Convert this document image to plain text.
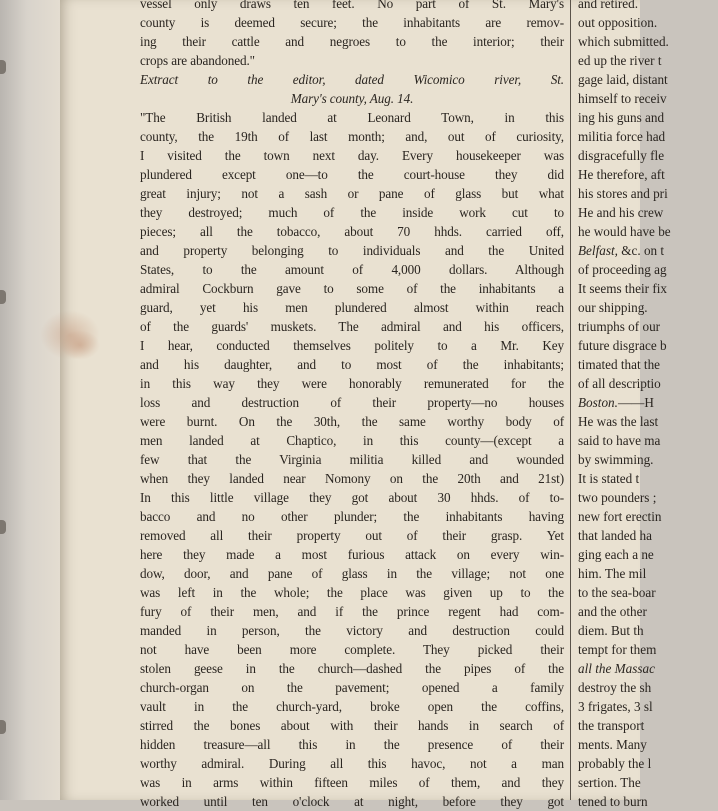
vessel only draws ten feet. No part of St. Mary's
county is deemed secure; the inhabitants are remov-
ing their cattle and negroes to the interior; their
crops are abandoned."
Extract to the editor, dated Wicomico river, St.
Mary's county, Aug. 14.
"The British landed at Leonard Town, in this
county, the 19th of last month; and, out of curiosity,
I visited the town next day. Every housekeeper was
plundered except one—to the court-house they did
great injury; not a sash or pane of glass but what
they destroyed; much of the inside work cut to
pieces; all the tobacco, about 70 hhds. carried off,
and property belonging to individuals and the United
States, to the amount of 4,000 dollars. Although
admiral Cockburn gave to some of the inhabitants a
guard, yet his men plundered almost within reach
of the guards' muskets. The admiral and his officers,
I hear, conducted themselves politely to a Mr. Key
and his daughter, and to most of the inhabitants;
in this way they were honorably remunerated for the
loss and destruction of their property—no houses
were burnt. On the 30th, the same worthy body of
men landed at Chaptico, in this county—(except a
few that the Virginia militia killed and wounded
when they landed near Nomony on the 20th and 21st)
In this little village they got about 30 hhds. of to-
bacco and no other plunder; the inhabitants having
removed all their property out of their grasp. Yet
here they made a most furious attack on every win-
dow, door, and pane of glass in the village; not one
was left in the whole; the place was given up to the
fury of their men, and if the prince regent had com-
manded in person, the victory and destruction could
not have been more complete. They picked their
stolen geese in the church—dashed the pipes of the
church-organ on the pavement; opened a family
vault in the church-yard, broke open the coffins,
stirred the bones about with their hands in search of
hidden treasure—all this in the presence of their
worthy admiral. During all this havoc, not a man
was in arms within fifteen miles of them, and they
worked until ten o'clock at night, before they got
and retired.
out opposition.
which submitted.
ed up the river t
gage laid, distant
himself to receiv
ing his guns and
militia force had
disgracefully fle
He therefore, aft
his stores and pri
He and his crew
he would have be
Belfast, &c. on t
of proceeding ag
It seems their fix
our shipping.
triumphs of our
future disgrace b
timated that the
of all descriptio
Boston.——H
He was the last
said to have ma
by swimming.
It is stated t
two pounders ;
new fort erectin
that landed ha
ging each a ne
him. The mil
to the sea-boar
and the other
diem. But th
tempt for them
all the Massac
destroy the sh
3 frigates, 3 sl
the transport
ments. Many
probably the l
sertion. The
tened to burn
